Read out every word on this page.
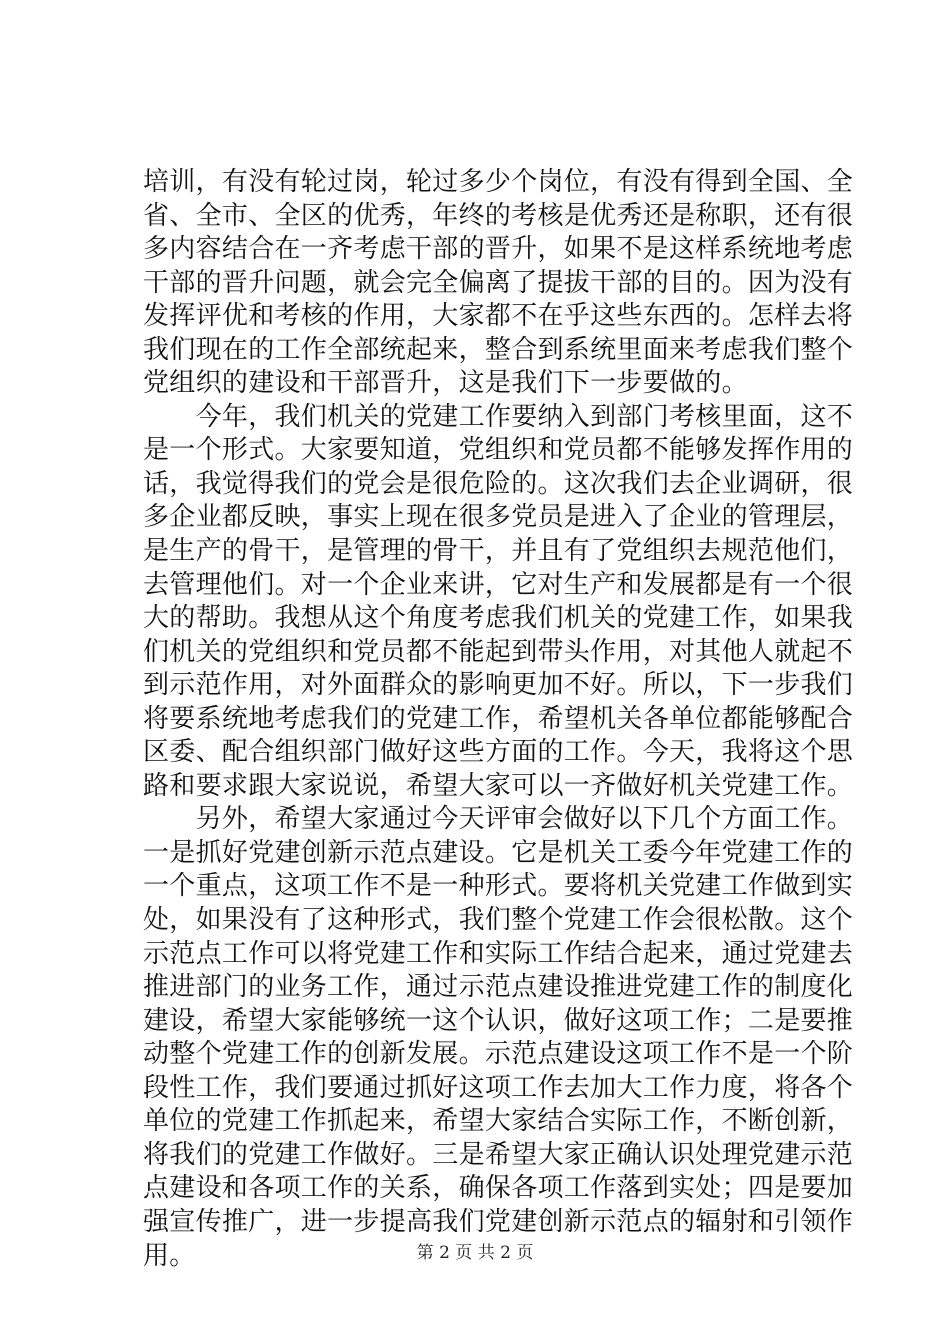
培训，有没有轮过岗，轮过多少个岗位，有没有得到全国、全
省、全市、全区的优秀，年终的考核是优秀还是称职，还有很
多内容结合在一齐考虑干部的晋升，如果不是这样系统地考虑
干部的晋升问题，就会完全偏离了提拔干部的目的。因为没有
发挥评优和考核的作用，大家都不在乎这些东西的。怎样去将
我们现在的工作全部统起来，整合到系统里面来考虑我们整个
党组织的建设和干部晋升，这是我们下一步要做的。
　　今年，我们机关的党建工作要纳入到部门考核里面，这不
是一个形式。大家要知道，党组织和党员都不能够发挥作用的
话，我觉得我们的党会是很危险的。这次我们去企业调研，很
多企业都反映，事实上现在很多党员是进入了企业的管理层，
是生产的骨干，是管理的骨干，并且有了党组织去规范他们，
去管理他们。对一个企业来讲，它对生产和发展都是有一个很
大的帮助。我想从这个角度考虑我们机关的党建工作，如果我
们机关的党组织和党员都不能起到带头作用，对其他人就起不
到示范作用，对外面群众的影响更加不好。所以，下一步我们
将要系统地考虑我们的党建工作，希望机关各单位都能够配合
区委、配合组织部门做好这些方面的工作。今天，我将这个思
路和要求跟大家说说，希望大家可以一齐做好机关党建工作。
　　另外，希望大家通过今天评审会做好以下几个方面工作。
一是抓好党建创新示范点建设。它是机关工委今年党建工作的
一个重点，这项工作不是一种形式。要将机关党建工作做到实
处，如果没有了这种形式，我们整个党建工作会很松散。这个
示范点工作可以将党建工作和实际工作结合起来，通过党建去
推进部门的业务工作，通过示范点建设推进党建工作的制度化
建设，希望大家能够统一这个认识，做好这项工作；二是要推
动整个党建工作的创新发展。示范点建设这项工作不是一个阶
段性工作，我们要通过抓好这项工作去加大工作力度，将各个
单位的党建工作抓起来，希望大家结合实际工作，不断创新，
将我们的党建工作做好。三是希望大家正确认识处理党建示范
点建设和各项工作的关系，确保各项工作落到实处；四是要加
强宣传推广，进一步提高我们党建创新示范点的辐射和引领作
用。	第 2 页 共 2 页
